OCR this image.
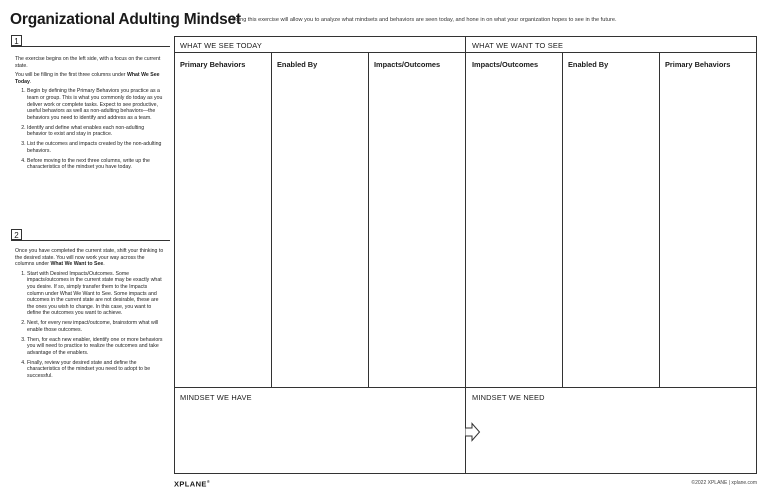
Organizational Adulting Mindset
Using this exercise will allow you to analyze what mindsets and behaviors are seen today, and hone in on what your organization hopes to see in the future.
1

The exercise begins on the left side, with a focus on the current state.

You will be filling in the first three columns under What We See Today.

1. Begin by defining the Primary Behaviors you practice as a team or group. This is what you commonly do today as you deliver work or complete tasks. Expect to see productive, useful behaviors as well as non-adulting behaviors—the behaviors you need to identify and address as a team.
2. Identify and define what enables each non-adulting behavior to exist and stay in practice.
3. List the outcomes and impacts created by the non-adulting behaviors.
4. Before moving to the next three columns, write up the characteristics of the mindset you have today.
2

Once you have completed the current state, shift your thinking to the desired state. You will now work your way across the columns under What We Want to See.

1. Start with Desired Impacts/Outcomes. Some impacts/outcomes in the current state may be exactly what you desire. If so, simply transfer them to the Impacts column under What We Want to See. Some impacts and outcomes in the current state are not desirable, these are the ones you wish to change. In this case, you want to define the outcomes you want to achieve.
2. Next, for every new impact/outcome, brainstorm what will enable those outcomes.
3. Then, for each new enabler, identify one or more behaviors you will need to practice to realize the outcomes and take advantage of the enablers.
4. Finally, review your desired state and define the characteristics of the mindset you need to adopt to be successful.
WHAT WE SEE TODAY	WHAT WE WANT TO SEE
Primary Behaviors	Enabled By	Impacts/Outcomes	Impacts/Outcomes	Enabled By	Primary Behaviors
MINDSET WE HAVE	MINDSET WE NEED
XPLANE®	©2022 XPLANE | xplane.com
